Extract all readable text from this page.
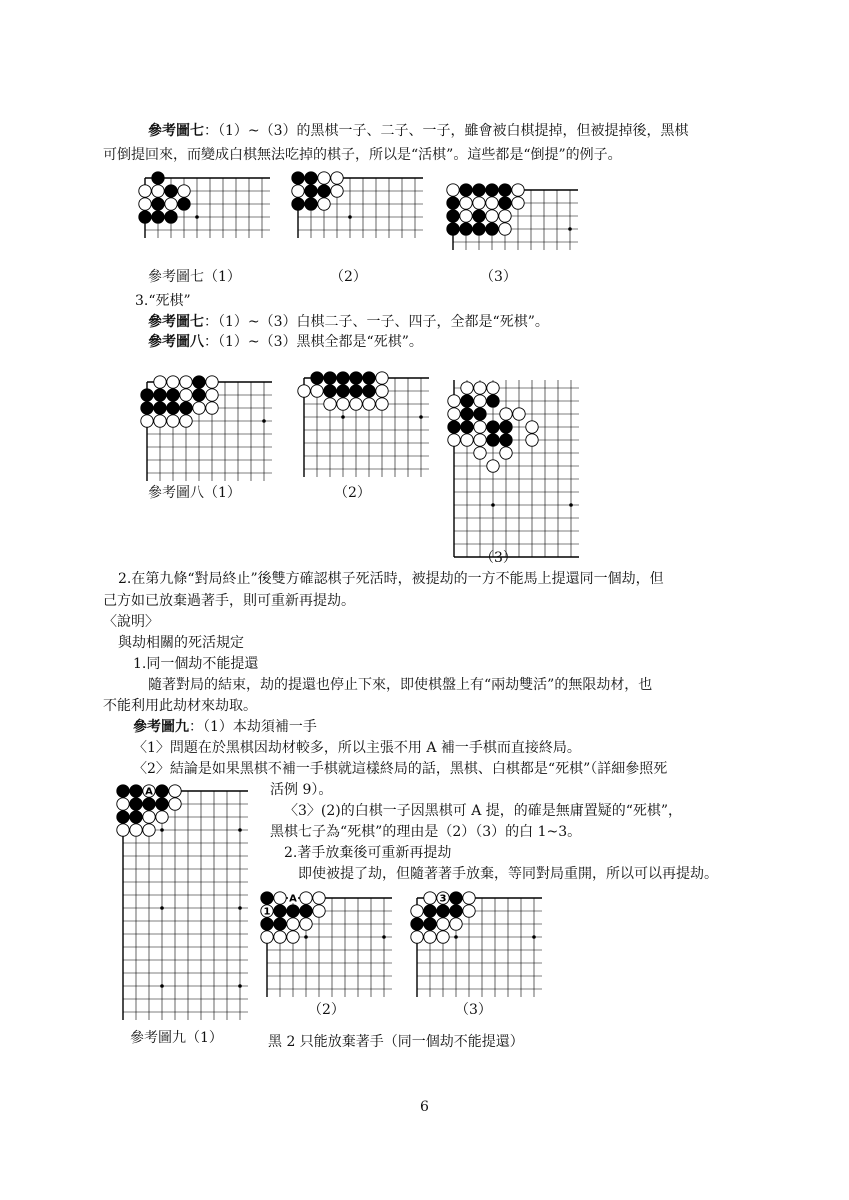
參考圖七：（1）~（3）的黑棋一子、二子、一子，雖會被白棋提掉，但被提掉後，黑棋
可倒提回來，而變成白棋無法吃掉的棋子，所以是“活棋”。這些都是“倒提”的例子。
參考圖七（1）	（2）	（3）
3.“死棋”
參考圖七：（1）~（3）白棋二子、一子、四子，全都是“死棋”。
參考圖八：（1）~（3）黑棋全都是“死棋”。
參考圖八（1）	（2）
（3）
2.在第九條“對局終止”後雙方確認棋子死活時，被提劫的一方不能馬上提還同一個劫，但
己方如已放棄過著手，則可重新再提劫。
〈說明〉
與劫相關的死活規定
1.同一個劫不能提還
隨著對局的結束，劫的提還也停止下來，即使棋盤上有“兩劫雙活”的無限劫材，也
不能利用此劫材來劫取。
參考圖九：（1）本劫須補一手
〈1〉問題在於黑棋因劫材較多，所以主張不用 A 補一手棋而直接終局。
〈2〉結論是如果黑棋不補一手棋就這樣終局的話，黑棋、白棋都是“死棋”（詳細參照死
活例 9）。
〈3〉(2)的白棋一子因黑棋可 A 提，的確是無庸置疑的“死棋”，
黑棋七子為“死棋”的理由是（2）（3）的白 1~3。
2.著手放棄後可重新再提劫
即使被提了劫，但隨著著手放棄，等同對局重開，所以可以再提劫。
A
A
1
3
（2）	（3）
參考圖九（1）	黑 2 只能放棄著手（同一個劫不能提還）
6
